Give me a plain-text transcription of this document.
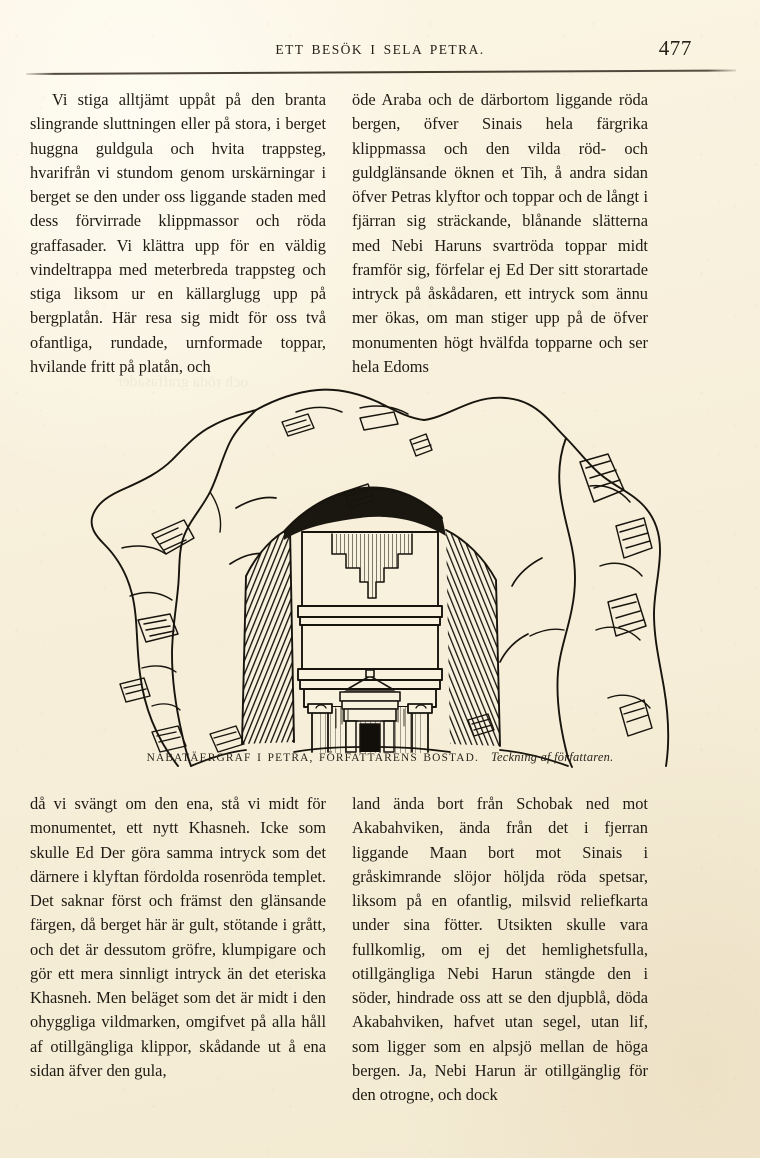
och röda graffasader
ETT BESÖK I SELA PETRA.	477

Vi stiga alltjämt uppåt på den branta slingrande sluttningen eller på stora, i berget huggna guldgula och hvita trappsteg, hvarifrån vi stundom genom urskärningar i berget se den under oss liggande staden med dess förvirrade klippmassor och röda graffasader. Vi klättra upp för en väldig vindeltrappa med meterbreda trappsteg och stiga liksom ur en källarglugg upp på bergplatån. Här resa sig midt för oss två ofantliga, rundade, urnformade toppar, hvilande fritt på platån, och

öde Araba och de därbortom liggande röda bergen, öfver Sinais hela färgrika klippmassa och den vilda röd- och guldglänsande öknen et Tih, å andra sidan öfver Petras klyftor och toppar och de långt i fjärran sig sträckande, blånande slätterna med Nebi Haruns svartröda toppar midt framför sig, förfelar ej Ed Der sitt storartade intryck på åskådaren, ett intryck som ännu mer ökas, om man stiger upp på de öfver monumenten högt hvälfda topparne och ser hela Edoms

NABATÄERGRAF I PETRA, FÖRFATTARENS BOSTAD. Teckning af författaren.

då vi svängt om den ena, stå vi midt för monumentet, ett nytt Khasneh. Icke som skulle Ed Der göra samma intryck som det därnere i klyftan fördolda rosenröda templet. Det saknar först och främst den glänsande färgen, då berget här är gult, stötande i grått, och det är dessutom gröfre, klumpigare och gör ett mera sinnligt intryck än det eteriska Khasneh. Men beläget som det är midt i den ohyggliga vildmarken, omgifvet på alla håll af otillgängliga klippor, skådande ut å ena sidan äfver den gula,

land ända bort från Schobak ned mot Akabahviken, ända från det i fjerran liggande Maan bort mot Sinais i gråskimrande slöjor höljda röda spetsar, liksom på en ofantlig, milsvid reliefkarta under sina fötter. Utsikten skulle vara fullkomlig, om ej det hemlighetsfulla, otillgängliga Nebi Harun stängde den i söder, hindrade oss att se den djupblå, döda Akabahviken, hafvet utan segel, utan lif, som ligger som en alpsjö mellan de höga bergen. Ja, Nebi Harun är otillgänglig för den otrogne, och dock
